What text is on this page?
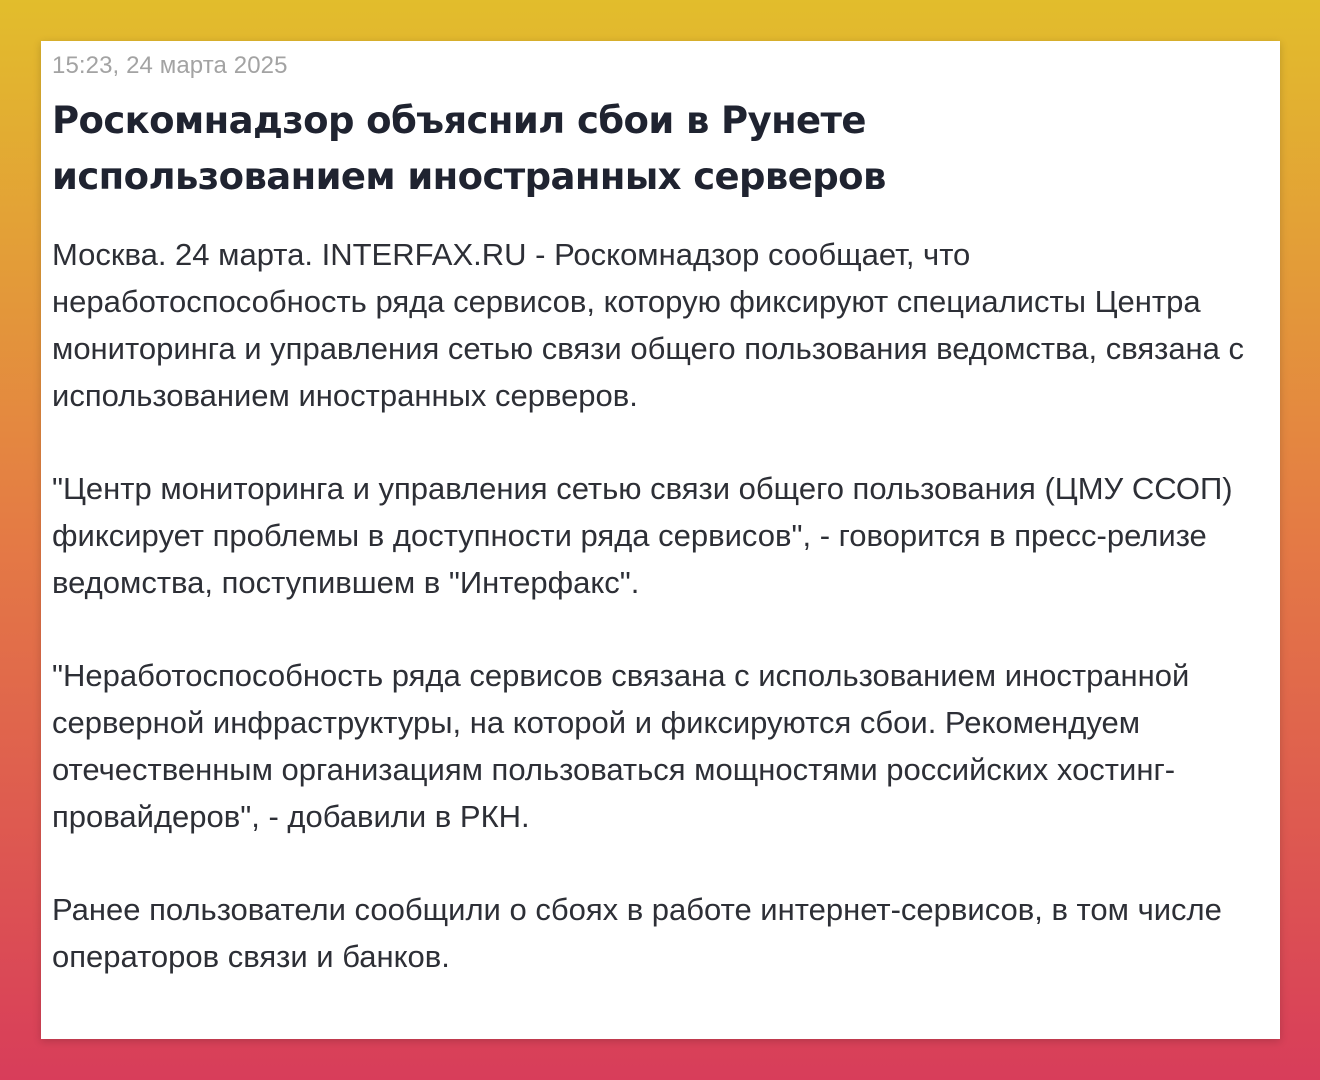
15:23, 24 марта 2025

Роскомнадзор объяснил сбои в Рунете использованием иностранных серверов

Москва. 24 марта. INTERFAX.RU - Роскомнадзор сообщает, что неработоспособность ряда сервисов, которую фиксируют специалисты Центра мониторинга и управления сетью связи общего пользования ведомства, связана с использованием иностранных серверов.

"Центр мониторинга и управления сетью связи общего пользования (ЦМУ ССОП) фиксирует проблемы в доступности ряда сервисов", - говорится в пресс-релизе ведомства, поступившем в "Интерфакс".

"Неработоспособность ряда сервисов связана с использованием иностранной серверной инфраструктуры, на которой и фиксируются сбои. Рекомендуем отечественным организациям пользоваться мощностями российских хостинг-провайдеров", - добавили в РКН.

Ранее пользователи сообщили о сбоях в работе интернет-сервисов, в том числе операторов связи и банков.
